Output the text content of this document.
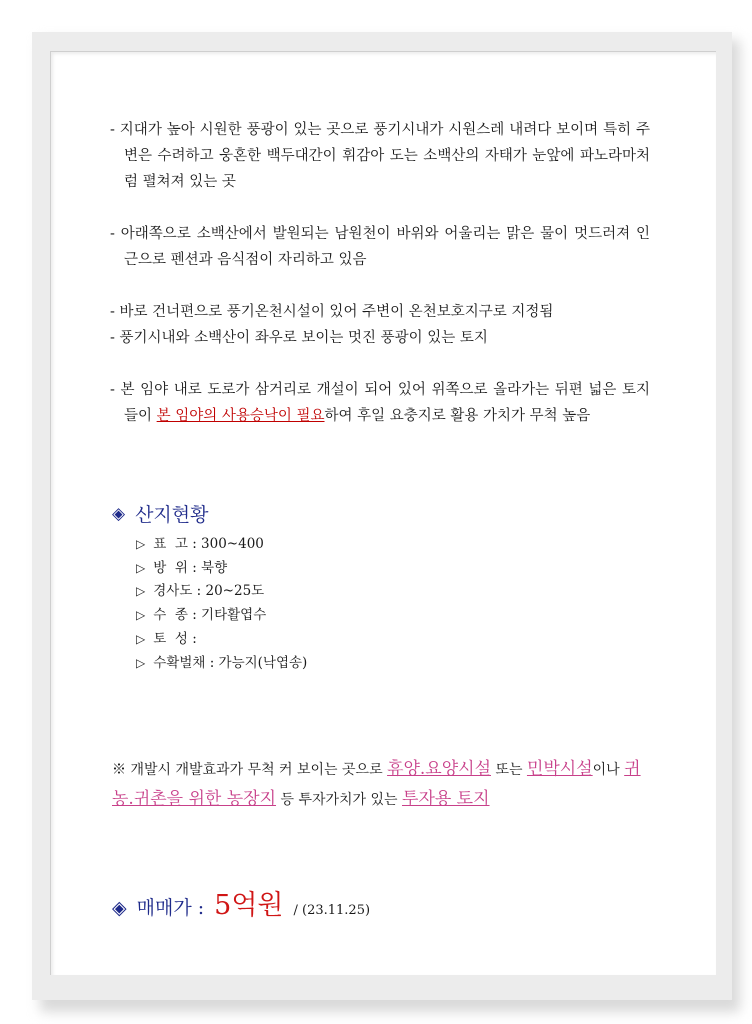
- 지대가 높아 시원한 풍광이 있는 곳으로 풍기시내가 시원스레 내려다 보이며 특히 주변은 수려하고 웅혼한 백두대간이 휘감아 도는 소백산의 자태가 눈앞에 파노라마처럼 펼쳐져 있는 곳

- 아래쪽으로 소백산에서 발원되는 남원천이 바위와 어울리는 맑은 물이 멋드러져 인근으로 펜션과 음식점이 자리하고 있음

- 바로 건너편으로 풍기온천시설이 있어 주변이 온천보호지구로 지정됨

- 풍기시내와 소백산이 좌우로 보이는 멋진 풍광이 있는 토지

- 본 임야 내로 도로가 삼거리로 개설이 되어 있어 위쪽으로 올라가는 뒤편 넓은 토지들이 본 임야의 사용승낙이 필요하여 후일 요충지로 활용 가치가 무척 높음

◈ 산지현황
▷ 표  고 : 300~400
▷ 방  위 : 북향
▷ 경사도 : 20~25도
▷ 수  종 : 기타활엽수
▷ 토  성 :
▷ 수확벌채 : 가능지(낙엽송)
※ 개발시 개발효과가 무척 커 보이는 곳으로 휴양.요양시설 또는 민박시설이나 귀농.귀촌을 위한 농장지 등 투자가치가 있는 투자용 토지
◈ 매매가 : 5억원 / (23.11.25)
